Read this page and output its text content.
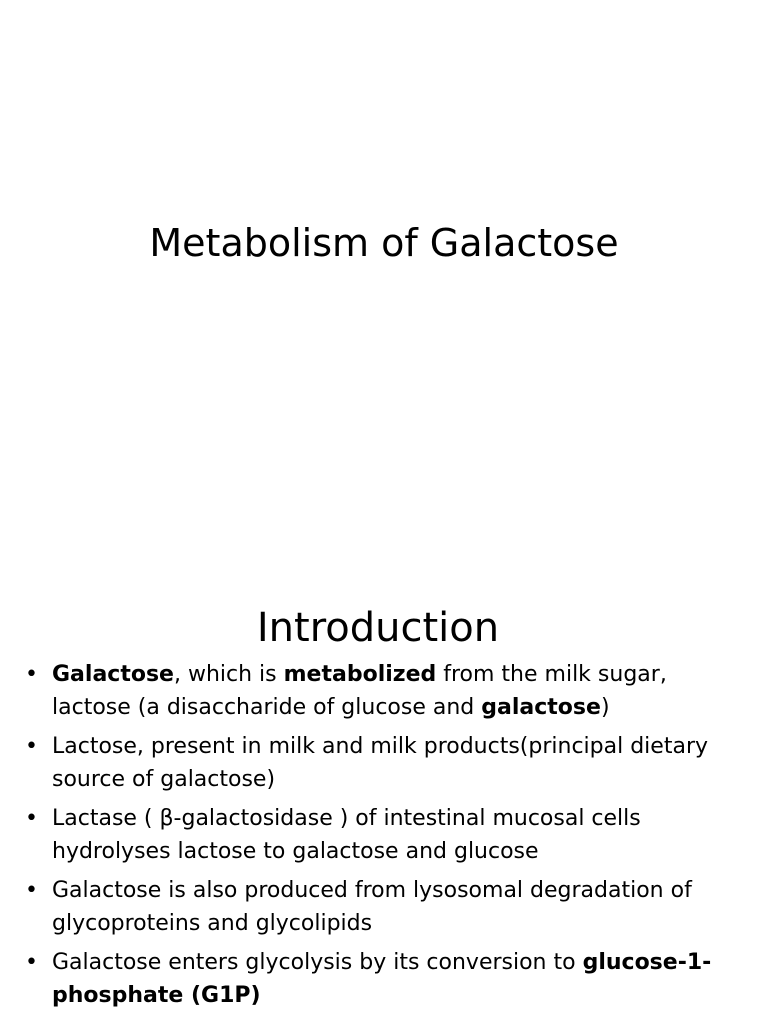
Metabolism of Galactose
Introduction
• Galactose, which is metabolized from the milk sugar, lactose (a disaccharide of glucose and galactose)
• Lactose, present in milk and milk products(principal dietary source of galactose)
• Lactase ( β-galactosidase ) of intestinal mucosal cells hydrolyses lactose to galactose and glucose
• Galactose is also produced from lysosomal degradation of glycoproteins and glycolipids
• Galactose enters glycolysis by its conversion to glucose-1-phosphate (G1P)
